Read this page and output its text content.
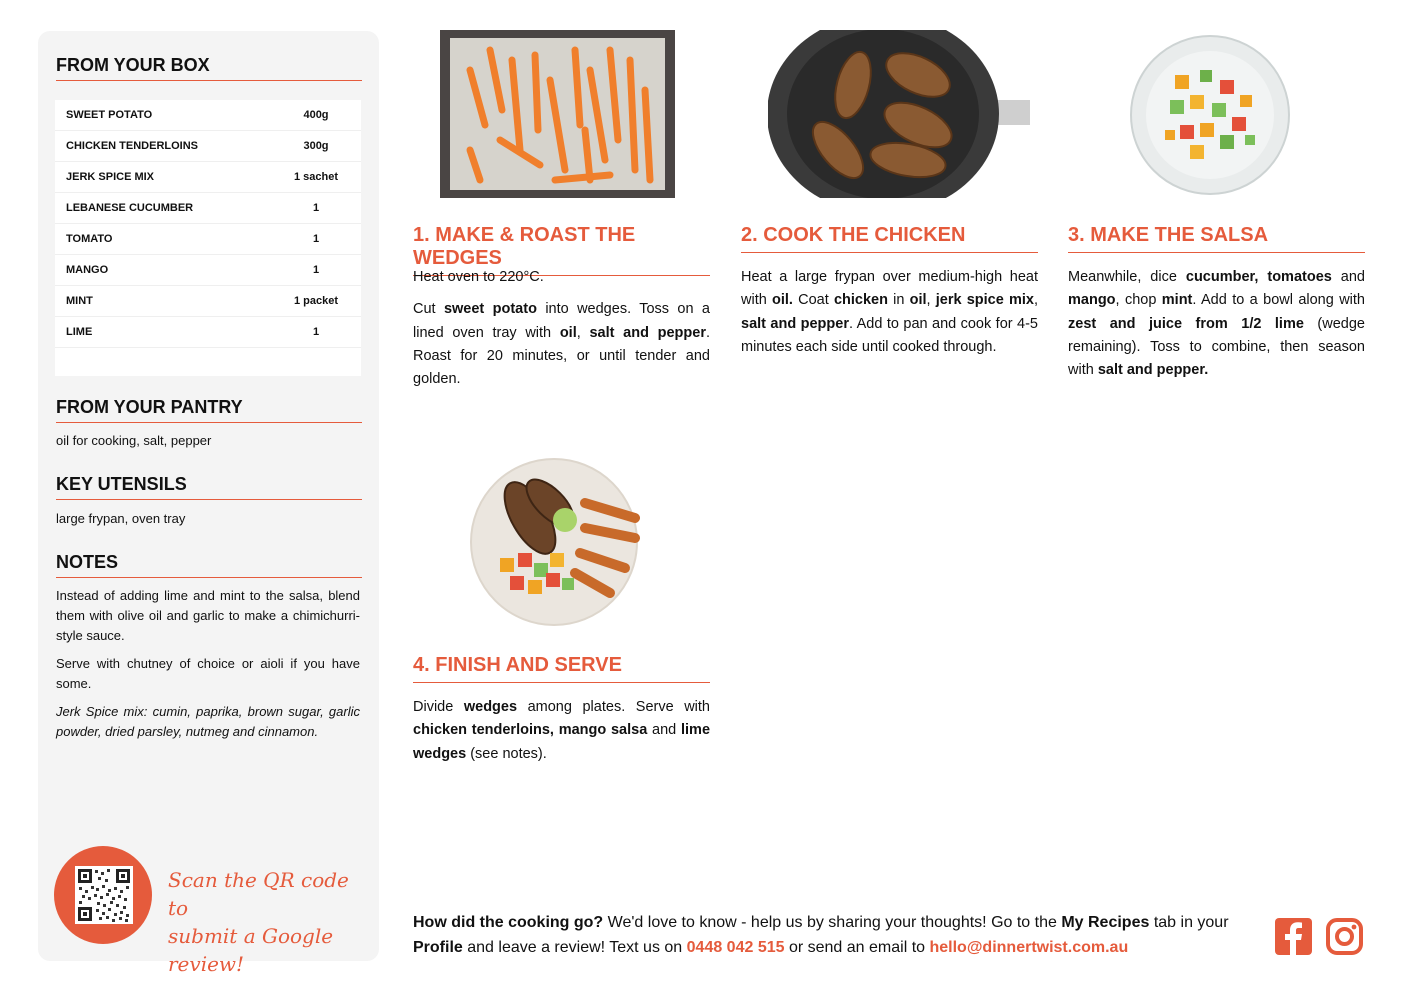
FROM YOUR BOX
SWEET POTATO	400g
CHICKEN TENDERLOINS	300g
JERK SPICE MIX	1 sachet
LEBANESE CUCUMBER	1
TOMATO	1
MANGO	1
MINT	1 packet
LIME	1
FROM YOUR PANTRY
oil for cooking, salt, pepper
KEY UTENSILS
large frypan, oven tray
NOTES

Instead of adding lime and mint to the salsa, blend them with olive oil and garlic to make a chimichurri-style sauce.

Serve with chutney of choice or aioli if you have some.

Jerk Spice mix: cumin, paprika, brown sugar, garlic powder, dried parsley, nutmeg and cinnamon.

Scan the QR code to
submit a Google review!
1. MAKE & ROAST THE WEDGES

Heat oven to 220°C.

Cut sweet potato into wedges. Toss on a lined oven tray with oil, salt and pepper. Roast for 20 minutes, or until tender and golden.

2. COOK THE CHICKEN

Heat a large frypan over medium-high heat with oil. Coat chicken in oil, jerk spice mix, salt and pepper. Add to pan and cook for 4-5 minutes each side until cooked through.

3. MAKE THE SALSA

Meanwhile, dice cucumber, tomatoes and mango, chop mint. Add to a bowl along with zest and juice from 1/2 lime (wedge remaining). Toss to combine, then season with salt and pepper.

4. FINISH AND SERVE

Divide wedges among plates. Serve with chicken tenderloins, mango salsa and lime wedges (see notes).

How did the cooking go? We'd love to know - help us by sharing your thoughts! Go to the My Recipes tab in your Profile and leave a review! Text us on 0448 042 515 or send an email to hello@dinnertwist.com.au
